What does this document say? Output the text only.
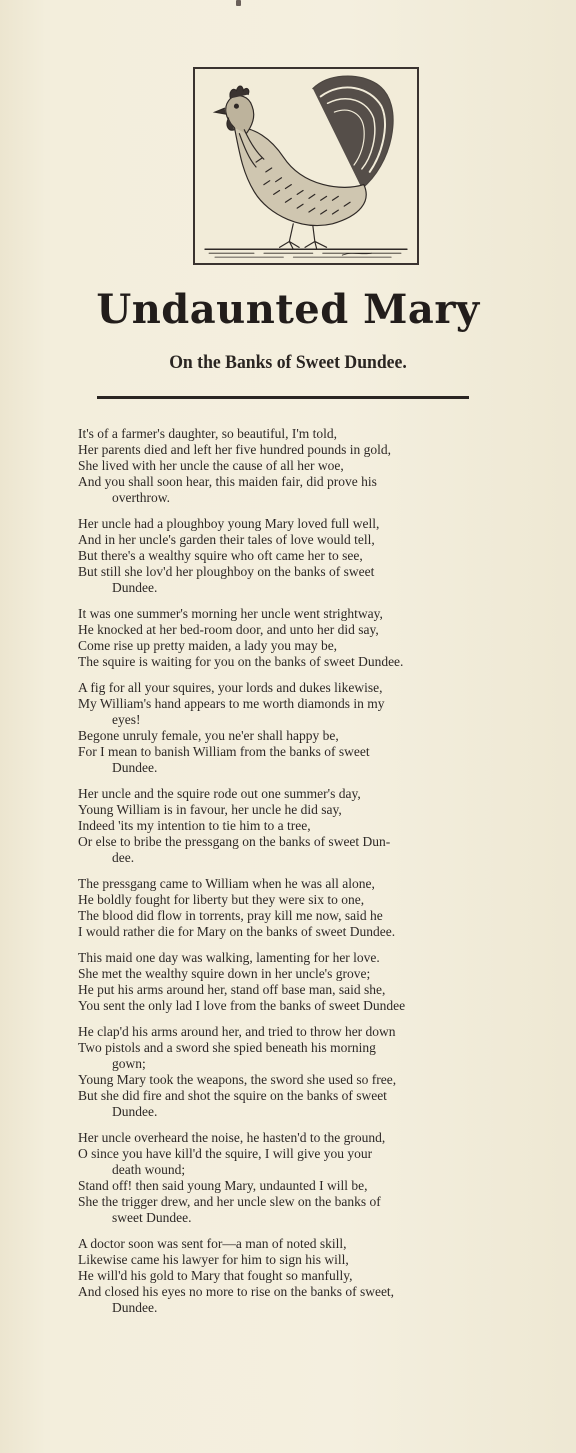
Undaunted Mary
On the Banks of Sweet Dundee.
It's of a farmer's daughter, so beautiful, I'm told,
Her parents died and left her five hundred pounds in gold,
She lived with her uncle the cause of all her woe,
And you shall soon hear, this maiden fair, did prove his
overthrow.
Her uncle had a ploughboy young Mary loved full well,
And in her uncle's garden their tales of love would tell,
But there's a wealthy squire who oft came her to see,
But still she lov'd her ploughboy on the banks of sweet
Dundee.
It was one summer's morning her uncle went strightway,
He knocked at her bed-room door, and unto her did say,
Come rise up pretty maiden, a lady you may be,
The squire is waiting for you on the banks of sweet Dundee.
A fig for all your squires, your lords and dukes likewise,
My William's hand appears to me worth diamonds in my
eyes!
Begone unruly female, you ne'er shall happy be,
For I mean to banish William from the banks of sweet
Dundee.
Her uncle and the squire rode out one summer's day,
Young William is in favour, her uncle he did say,
Indeed 'its my intention to tie him to a tree,
Or else to bribe the pressgang on the banks of sweet Dun-
dee.
The pressgang came to William when he was all alone,
He boldly fought for liberty but they were six to one,
The blood did flow in torrents, pray kill me now, said he
I would rather die for Mary on the banks of sweet Dundee.
This maid one day was walking, lamenting for her love.
She met the wealthy squire down in her uncle's grove;
He put his arms around her, stand off base man, said she,
You sent the only lad I love from the banks of sweet Dundee
He clap'd his arms around her, and tried to throw her down
Two pistols and a sword she spied beneath his morning
gown;
Young Mary took the weapons, the sword she used so free,
But she did fire and shot the squire on the banks of sweet
Dundee.
Her uncle overheard the noise, he hasten'd to the ground,
O since you have kill'd the squire, I will give you your
death wound;
Stand off! then said young Mary, undaunted I will be,
She the trigger drew, and her uncle slew on the banks of
sweet Dundee.
A doctor soon was sent for—a man of noted skill,
Likewise came his lawyer for him to sign his will,
He will'd his gold to Mary that fought so manfully,
And closed his eyes no more to rise on the banks of sweet,
Dundee.
